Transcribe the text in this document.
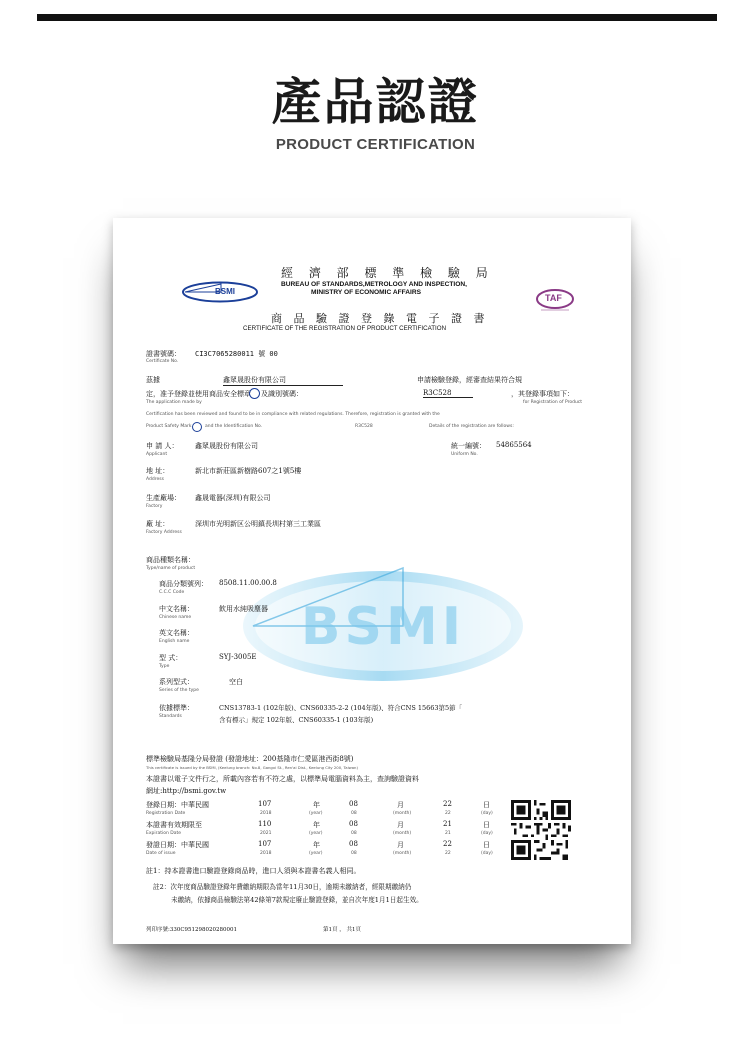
產品認證
PRODUCT CERTIFICATION
BSMI
經 濟 部 標 準 檢 驗 局
BUREAU OF STANDARDS,METROLOGY AND INSPECTION,
MINISTRY OF ECONOMIC AFFAIRS
BSMI
TAF
商 品 驗 證 登 錄 電 子 證 書
CERTIFICATE OF THE REGISTRATION OF PRODUCT CERTIFICATION
證書號碼： CI3C7065280011 號 00
Certificate No.
茲據	鑫眾晟股份有限公司	申請檢驗登錄，經審查結果符合規
定，准予登錄並使用商品安全標章 及識別號碼：	R3C528	，其登錄事項如下：
The application made by	for Registration of Product
Certification has been reviewed and found to be in compliance with related regulations. Therefore, registration is granted with the
Product Safety Mark	and the Identification No.	R3C528	Details of the registration are follows:
申 請 人： 鑫眾晟股份有限公司
Applicant
統一編號： 54865564
Uniform No.
地 址：	新北市新莊區新樹路607之1號5樓
Address
生產廠場： 鑫晟電器(深圳)有限公司
Factory
廠 址：	深圳市光明新区公明鎮長圳村第三工業區
Factory Address
商品種類名稱：
Type/name of product
商品分類號列： 8508.11.00.00.8
C.C.C Code
中文名稱：	飲用水純吸塵器
Chinese name
英文名稱：
English name
型 式：	SYJ-3005E
Type
系列型式：	空白
Series of the type
依據標準：	CNS13783-1 (102年版)、CNS60335-2-2 (104年版)、符合CNS 15663第5節「
Standards	含有標示」規定 102年版、CNS60335-1 (103年版)
標準檢驗局基隆分局發證 (發證地址：200基隆市仁愛區港西街8號)
This certificate is issued by the BSMI, (Keelung branch: No.8, Gangxi St., Ren'ai Dist., Keelung City 200, Taiwan)
本證書以電子文件行之，所載內容若有不符之處，以標準局電腦資料為主，查詢驗證資料
網址:http://bsmi.gov.tw
登錄日期：中華民國	107	年	08	月	22	日
Registration Date	2018	(year)	08	(month)	22	(day)
本證書有效期限至	110	年	08	月	21	日
Expiration Date	2021	(year)	08	(month)	21	(day)
發證日期：中華民國	107	年	08	月	22	日
Date of issue	2018	(year)	08	(month)	22	(day)
註1：持本證書進口驗證登錄商品時，進口人須與本證書名義人相同。
註2：次年度商品驗證登錄年費繳納期限為當年11月30日，逾期未繳納者，經限期繳納仍
未繳納，依據商品檢驗法第42條第7款規定廢止驗證登錄，並自次年度1月1日起生效。
列印序號:330C951298020280001	第1頁 ， 共1頁
